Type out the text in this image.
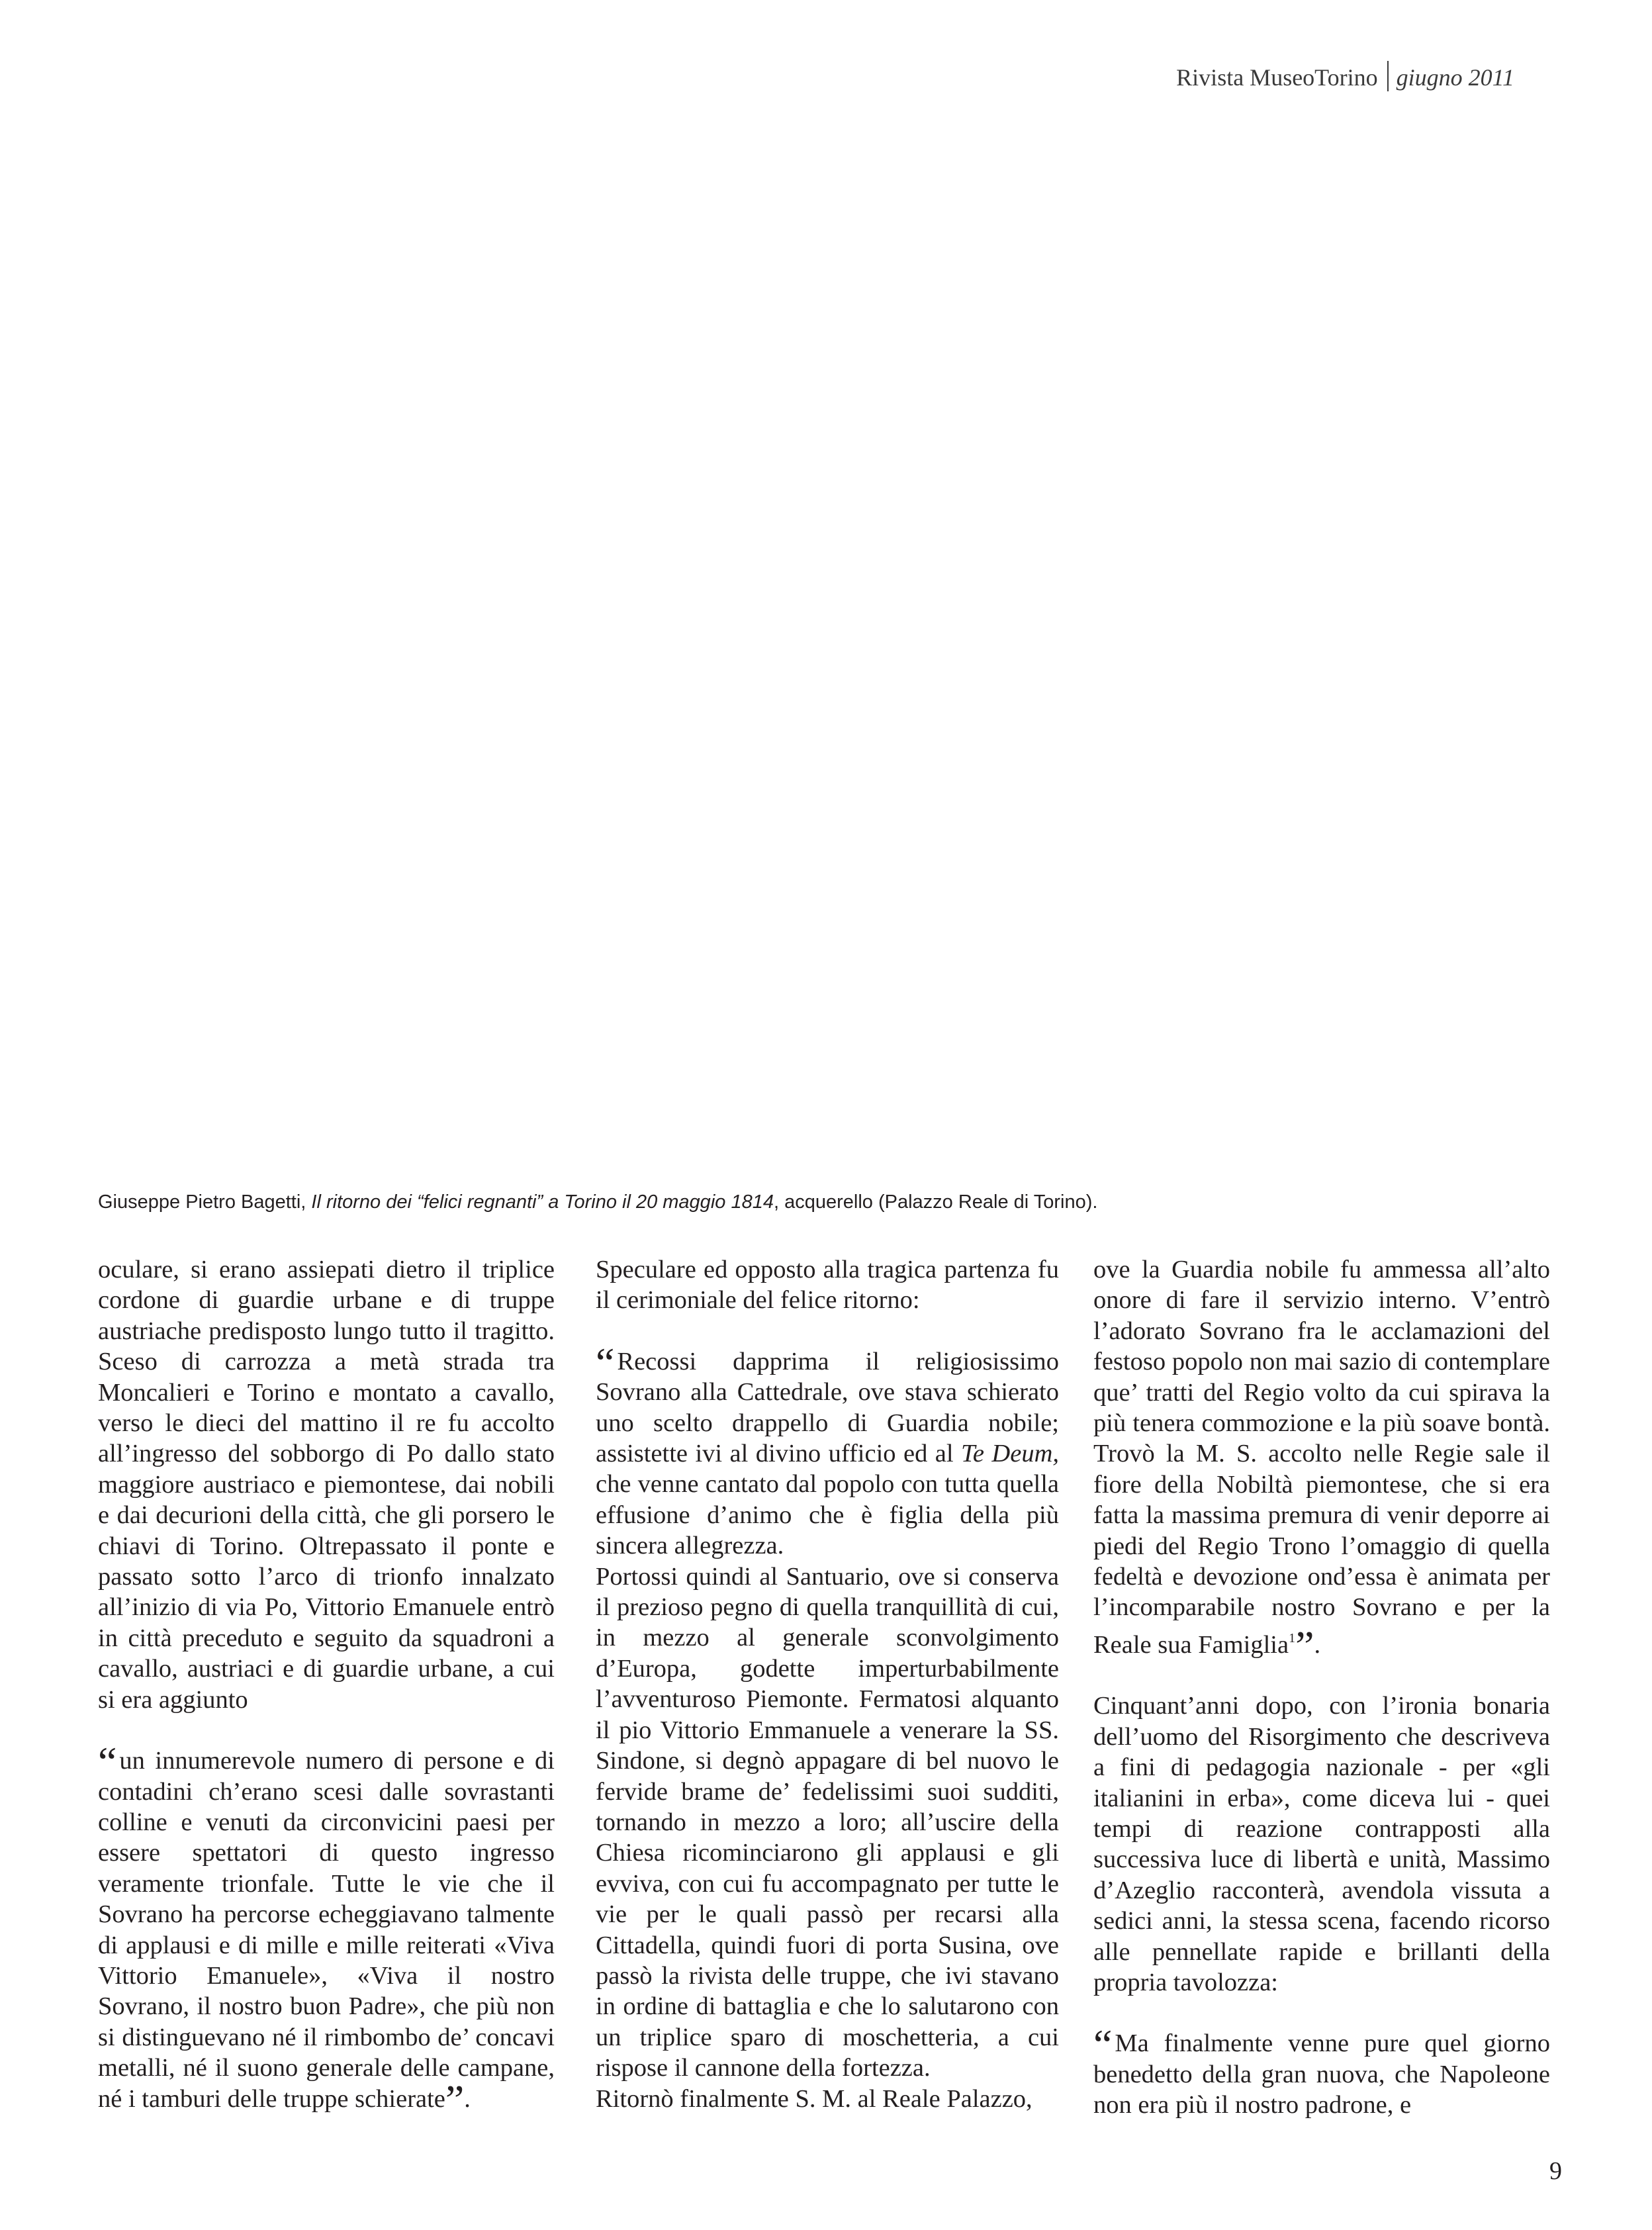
Rivista MuseoTorino giugno 2011
Giuseppe Pietro Bagetti, Il ritorno dei “felici regnanti” a Torino il 20 maggio 1814, acquerello (Palazzo Reale di Torino).

oculare, si erano assiepati dietro il triplice cordone di guardie urbane e di truppe austriache predisposto lungo tutto il tragitto. Sceso di carrozza a metà strada tra Moncalieri e Torino e montato a cavallo, verso le dieci del mattino il re fu accolto all’ingresso del sobborgo di Po dallo stato maggiore austriaco e piemontese, dai nobili e dai decurioni della città, che gli porsero le chiavi di Torino. Oltrepassato il ponte e passato sotto l’arco di trionfo innalzato all’inizio di via Po, Vittorio Emanuele entrò in città preceduto e seguito da squadroni a cavallo, austriaci e di guardie urbane, a cui si era aggiunto

“ un innumerevole numero di persone e di contadini ch’erano scesi dalle sovrastanti colline e venuti da circonvicini paesi per essere spettatori di questo ingresso veramente trionfale. Tutte le vie che il Sovrano ha percorse echeggiavano talmente di applausi e di mille e mille reiterati «Viva Vittorio Emanuele», «Viva il nostro Sovrano, il nostro buon Padre», che più non si distinguevano né il rimbombo de’ concavi metalli, né il suono generale delle campane, né i tamburi delle truppe schierate”.

Speculare ed opposto alla tragica partenza fu il cerimoniale del felice ritorno:

“ Recossi dapprima il religiosissimo Sovrano alla Cattedrale, ove stava schierato uno scelto drappello di Guardia nobile; assistette ivi al divino ufficio ed al Te Deum, che venne cantato dal popolo con tutta quella effusione d’animo che è figlia della più sincera allegrezza.

Portossi quindi al Santuario, ove si conserva il prezioso pegno di quella tranquillità di cui, in mezzo al generale sconvolgimento d’Europa, godette imperturbabilmente l’avventuroso Piemonte. Fermatosi alquanto il pio Vittorio Emmanuele a venerare la SS. Sindone, si degnò appagare di bel nuovo le fervide brame de’ fedelissimi suoi sudditi, tornando in mezzo a loro; all’uscire della Chiesa ricominciarono gli applausi e gli evviva, con cui fu accompagnato per tutte le vie per le quali passò per recarsi alla Cittadella, quindi fuori di porta Susina, ove passò la rivista delle truppe, che ivi stavano in ordine di battaglia e che lo salutarono con un triplice sparo di moschetteria, a cui rispose il cannone della fortezza.

Ritornò finalmente S. M. al Reale Palazzo,

ove la Guardia nobile fu ammessa all’alto onore di fare il servizio interno. V’entrò l’adorato Sovrano fra le acclamazioni del festoso popolo non mai sazio di contemplare que’ tratti del Regio volto da cui spirava la più tenera commozione e la più soave bontà. Trovò la M. S. accolto nelle Regie sale il fiore della Nobiltà piemontese, che si era fatta la massima premura di venir deporre ai piedi del Regio Trono l’omaggio di quella fedeltà e devozione ond’essa è animata per l’incomparabile nostro Sovrano e per la Reale sua Famiglia$^1$”.

Cinquant’anni dopo, con l’ironia bonaria dell’uomo del Risorgimento che descriveva a fini di pedagogia nazionale - per «gli italianini in erba», come diceva lui - quei tempi di reazione contrapposti alla successiva luce di libertà e unità, Massimo d’Azeglio racconterà, avendola vissuta a sedici anni, la stessa scena, facendo ricorso alle pennellate rapide e brillanti della propria tavolozza:

“ Ma finalmente venne pure quel giorno benedetto della gran nuova, che Napoleone non era più il nostro padrone, e

9
